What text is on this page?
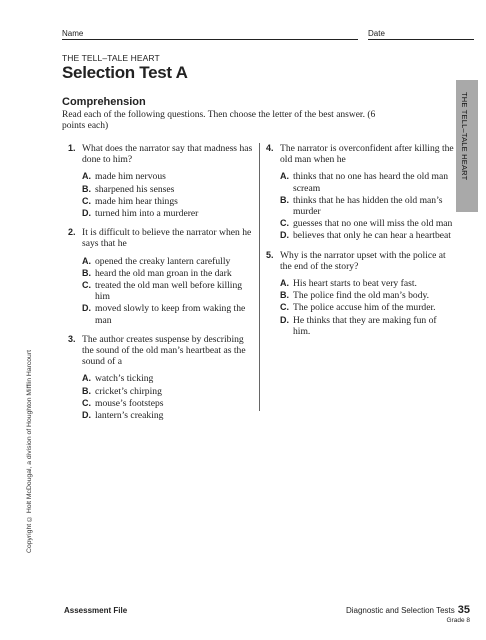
Name	Date
THE TELL–TALE HEART
Selection Test A
Comprehension
Read each of the following questions. Then choose the letter of the best answer. (6 points each)
1. What does the narrator say that madness has done to him?
A. made him nervous
B. sharpened his senses
C. made him hear things
D. turned him into a murderer
2. It is difficult to believe the narrator when he says that he
A. opened the creaky lantern carefully
B. heard the old man groan in the dark
C. treated the old man well before killing him
D. moved slowly to keep from waking the man
3. The author creates suspense by describing the sound of the old man’s heartbeat as the sound of a
A. watch’s ticking
B. cricket’s chirping
C. mouse’s footsteps
D. lantern’s creaking
4. The narrator is overconfident after killing the old man when he
A. thinks that no one has heard the old man scream
B. thinks that he has hidden the old man’s murder
C. guesses that no one will miss the old man
D. believes that only he can hear a heartbeat
5. Why is the narrator upset with the police at the end of the story?
A. His heart starts to beat very fast.
B. The police find the old man’s body.
C. The police accuse him of the murder.
D. He thinks that they are making fun of him.
THE TELL–TALE HEART
Copyright © Holt McDougal, a division of Houghton Mifflin Harcourt
Assessment File	Diagnostic and Selection Tests 35
Grade 8
